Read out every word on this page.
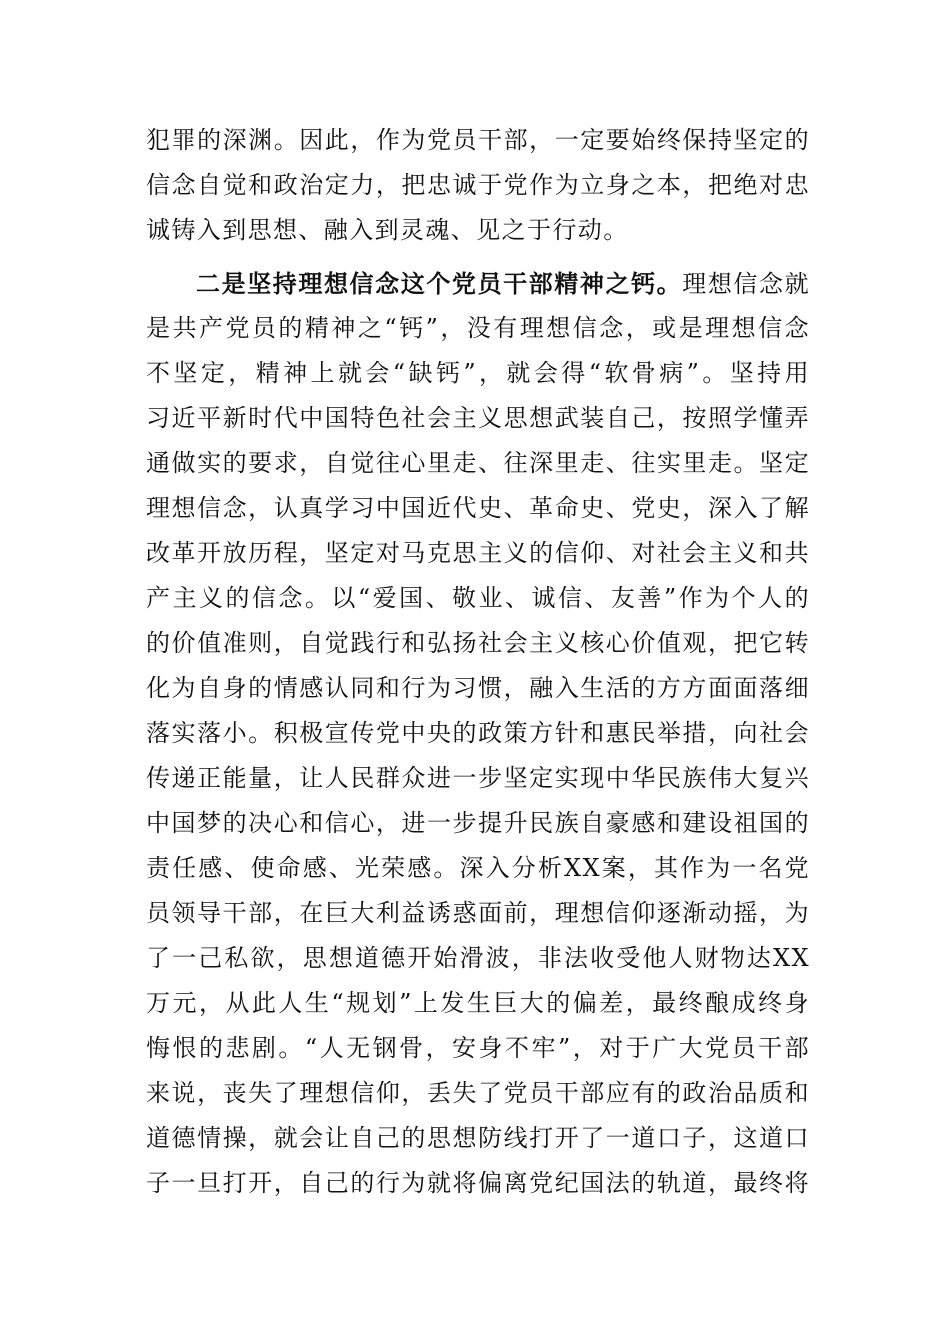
犯罪的深渊。因此，作为党员干部，一定要始终保持坚定的
信念自觉和政治定力，把忠诚于党作为立身之本，把绝对忠
诚铸入到思想、融入到灵魂、见之于行动。
二是坚持理想信念这个党员干部精神之钙。理想信念就
是共产党员的精神之“钙”，没有理想信念，或是理想信念
不坚定，精神上就会“缺钙”，就会得“软骨病”。坚持用
习近平新时代中国特色社会主义思想武装自己，按照学懂弄
通做实的要求，自觉往心里走、往深里走、往实里走。坚定
理想信念，认真学习中国近代史、革命史、党史，深入了解
改革开放历程，坚定对马克思主义的信仰、对社会主义和共
产主义的信念。以“爱国、敬业、诚信、友善”作为个人的
的价值准则，自觉践行和弘扬社会主义核心价值观，把它转
化为自身的情感认同和行为习惯，融入生活的方方面面落细
落实落小。积极宣传党中央的政策方针和惠民举措，向社会
传递正能量，让人民群众进一步坚定实现中华民族伟大复兴
中国梦的决心和信心，进一步提升民族自豪感和建设祖国的
责任感、使命感、光荣感。深入分析XX案，其作为一名党
员领导干部，在巨大利益诱惑面前，理想信仰逐渐动摇，为
了一己私欲，思想道德开始滑波，非法收受他人财物达XX
万元，从此人生“规划”上发生巨大的偏差，最终酿成终身
悔恨的悲剧。“人无钢骨，安身不牢”，对于广大党员干部
来说，丧失了理想信仰，丢失了党员干部应有的政治品质和
道德情操，就会让自己的思想防线打开了一道口子，这道口
子一旦打开，自己的行为就将偏离党纪国法的轨道，最终将
